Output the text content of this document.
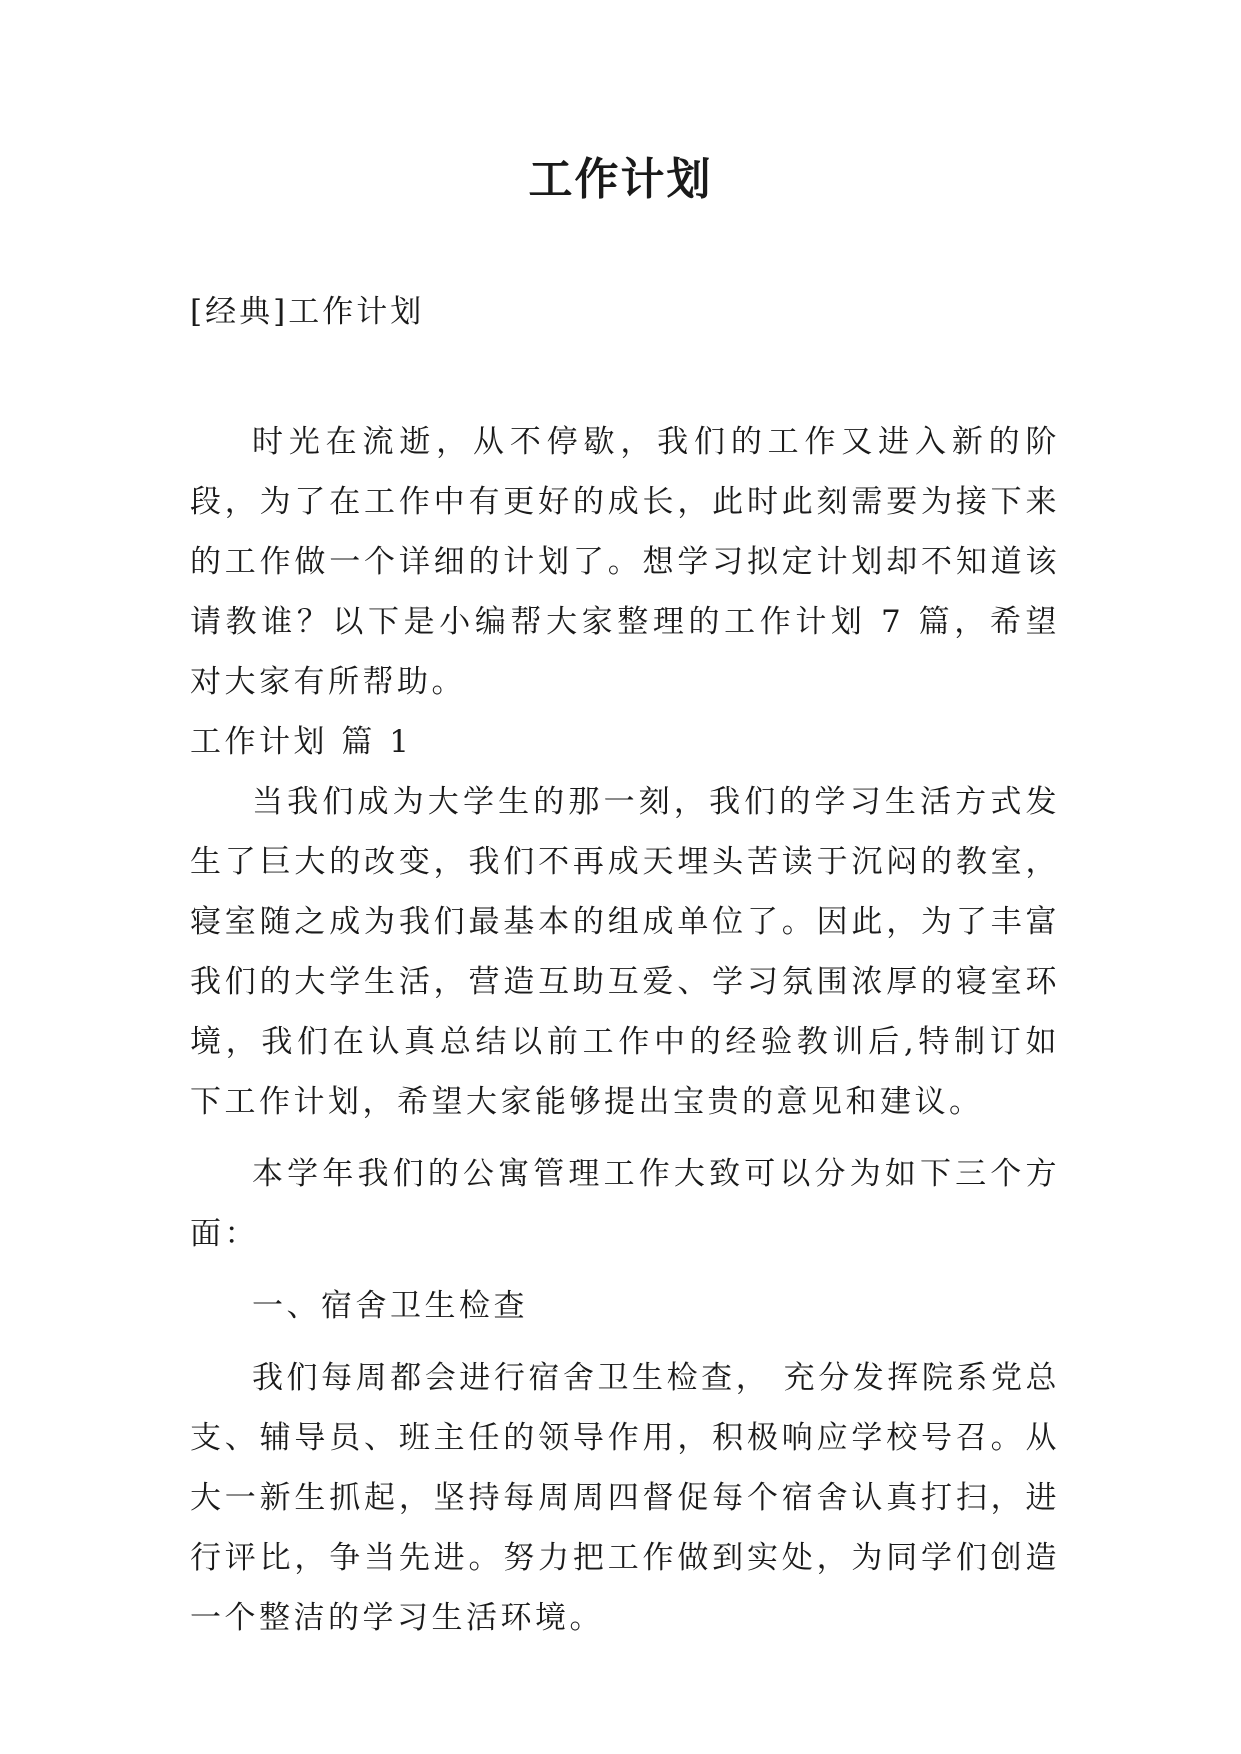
工作计划

[经典]工作计划

时光在流逝，从不停歇，我们的工作又进入新的阶段，为了在工作中有更好的成长，此时此刻需要为接下来的工作做一个详细的计划了。想学习拟定计划却不知道该请教谁？以下是小编帮大家整理的工作计划 7 篇，希望对大家有所帮助。

工作计划 篇 1

当我们成为大学生的那一刻，我们的学习生活方式发生了巨大的改变，我们不再成天埋头苦读于沉闷的教室，寝室随之成为我们最基本的组成单位了。因此，为了丰富我们的大学生活，营造互助互爱、学习氛围浓厚的寝室环境，我们在认真总结以前工作中的经验教训后,特制订如下工作计划，希望大家能够提出宝贵的意见和建议。

本学年我们的公寓管理工作大致可以分为如下三个方面：

一、宿舍卫生检查

我们每周都会进行宿舍卫生检查， 充分发挥院系党总支、辅导员、班主任的领导作用，积极响应学校号召。从大一新生抓起，坚持每周周四督促每个宿舍认真打扫，进行评比，争当先进。努力把工作做到实处，为同学们创造一个整洁的学习生活环境。
